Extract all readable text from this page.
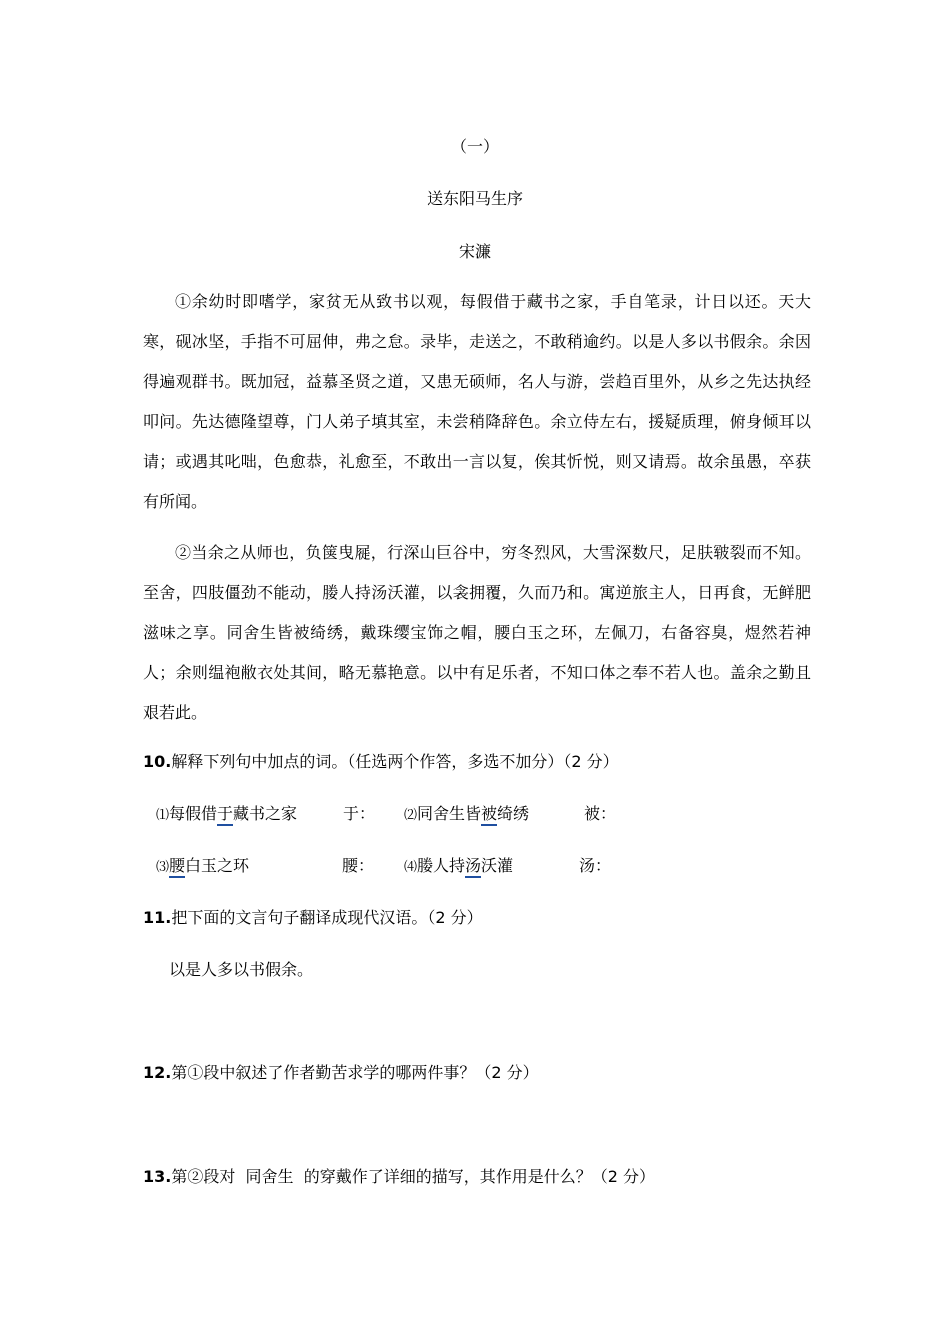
（一）
送东阳马生序
宋濂

①余幼时即嗜学，家贫无从致书以观，每假借于藏书之家，手自笔录，计日以还。天大寒，砚冰坚，手指不可屈伸，弗之怠。录毕，走送之，不敢稍逾约。以是人多以书假余。余因得遍观群书。既加冠，益慕圣贤之道，又患无硕师，名人与游，尝趋百里外，从乡之先达执经叩问。先达德隆望尊，门人弟子填其室，未尝稍降辞色。余立侍左右，援疑质理，俯身倾耳以请；或遇其叱咄，色愈恭，礼愈至，不敢出一言以复，俟其忻悦，则又请焉。故余虽愚，卒获有所闻。

②当余之从师也，负箧曳屣，行深山巨谷中，穷冬烈风，大雪深数尺，足肤皲裂而不知。至舍，四肢僵劲不能动，媵人持汤沃灌，以衾拥覆，久而乃和。寓逆旅主人，日再食，无鲜肥滋味之享。同舍生皆被绮绣，戴珠缨宝饰之帽，腰白玉之环，左佩刀，右备容臭，煜然若神人；余则缊袍敝衣处其间，略无慕艳意。以中有足乐者，不知口体之奉不若人也。盖余之勤且艰若此。

10.解释下列句中加点的词。（任选两个作答，多选不加分）（2 分）
⑴每假借于藏书之家	于： ⑵同舍生皆被绮绣	被：
⑶腰白玉之环	腰： ⑷媵人持汤沃灌	汤：
11.把下面的文言句子翻译成现代汉语。（2 分）
以是人多以书假余。
12.第①段中叙述了作者勤苦求学的哪两件事？（2 分）
13.第②段对  同舍生  的穿戴作了详细的描写，其作用是什么？（2 分）
